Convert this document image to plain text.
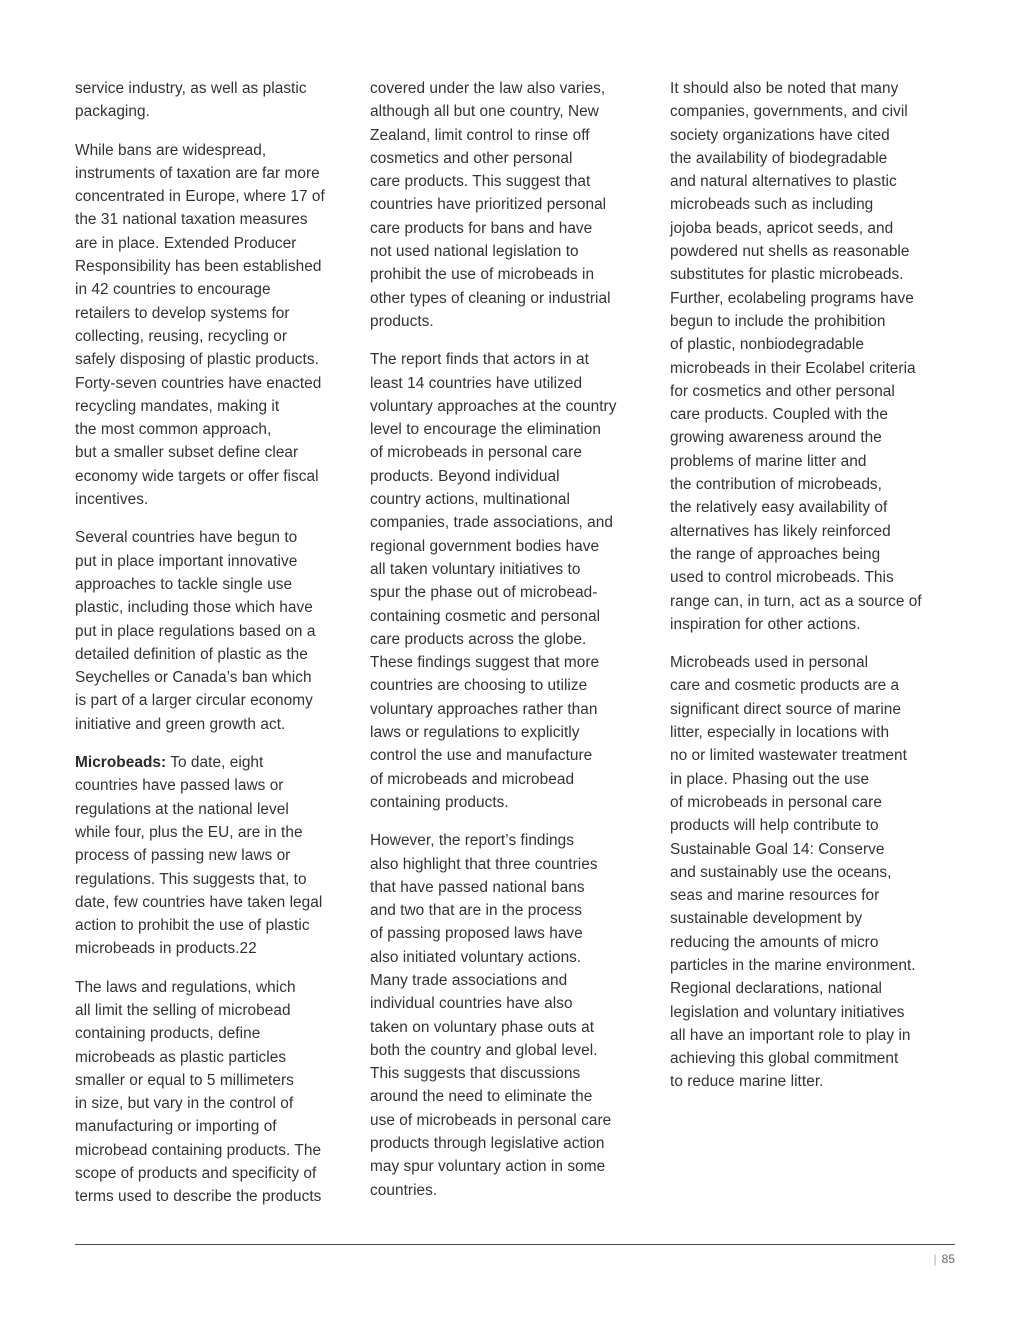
service industry, as well as plastic
packaging.

While bans are widespread,
instruments of taxation are far more
concentrated in Europe, where 17 of
the 31 national taxation measures
are in place. Extended Producer
Responsibility has been established
in 42 countries to encourage
retailers to develop systems for
collecting, reusing, recycling or
safely disposing of plastic products.
Forty-seven countries have enacted
recycling mandates, making it
the most common approach,
but a smaller subset define clear
economy wide targets or offer fiscal
incentives.

Several countries have begun to
put in place important innovative
approaches to tackle single use
plastic, including those which have
put in place regulations based on a
detailed definition of plastic as the
Seychelles or Canada’s ban which
is part of a larger circular economy
initiative and green growth act.

Microbeads: To date, eight
countries have passed laws or
regulations at the national level
while four, plus the EU, are in the
process of passing new laws or
regulations. This suggests that, to
date, few countries have taken legal
action to prohibit the use of plastic
microbeads in products.22

The laws and regulations, which
all limit the selling of microbead
containing products, define
microbeads as plastic particles
smaller or equal to 5 millimeters
in size, but vary in the control of
manufacturing or importing of
microbead containing products. The
scope of products and specificity of
terms used to describe the products

covered under the law also varies,
although all but one country, New
Zealand, limit control to rinse off
cosmetics and other personal
care products. This suggest that
countries have prioritized personal
care products for bans and have
not used national legislation to
prohibit the use of microbeads in
other types of cleaning or industrial
products.

The report finds that actors in at
least 14 countries have utilized
voluntary approaches at the country
level to encourage the elimination
of microbeads in personal care
products. Beyond individual
country actions, multinational
companies, trade associations, and
regional government bodies have
all taken voluntary initiatives to
spur the phase out of microbead-
containing cosmetic and personal
care products across the globe.
These findings suggest that more
countries are choosing to utilize
voluntary approaches rather than
laws or regulations to explicitly
control the use and manufacture
of microbeads and microbead
containing products.

However, the report’s findings
also highlight that three countries
that have passed national bans
and two that are in the process
of passing proposed laws have
also initiated voluntary actions.
Many trade associations and
individual countries have also
taken on voluntary phase outs at
both the country and global level.
This suggests that discussions
around the need to eliminate the
use of microbeads in personal care
products through legislative action
may spur voluntary action in some
countries.

It should also be noted that many
companies, governments, and civil
society organizations have cited
the availability of biodegradable
and natural alternatives to plastic
microbeads such as including
jojoba beads, apricot seeds, and
powdered nut shells as reasonable
substitutes for plastic microbeads.
Further, ecolabeling programs have
begun to include the prohibition
of plastic, nonbiodegradable
microbeads in their Ecolabel criteria
for cosmetics and other personal
care products. Coupled with the
growing awareness around the
problems of marine litter and
the contribution of microbeads,
the relatively easy availability of
alternatives has likely reinforced
the range of approaches being
used to control microbeads. This
range can, in turn, act as a source of
inspiration for other actions.

Microbeads used in personal
care and cosmetic products are a
significant direct source of marine
litter, especially in locations with
no or limited wastewater treatment
in place. Phasing out the use
of microbeads in personal care
products will help contribute to
Sustainable Goal 14: Conserve
and sustainably use the oceans,
seas and marine resources for
sustainable development by
reducing the amounts of micro
particles in the marine environment.
Regional declarations, national
legislation and voluntary initiatives
all have an important role to play in
achieving this global commitment
to reduce marine litter.

| 85
